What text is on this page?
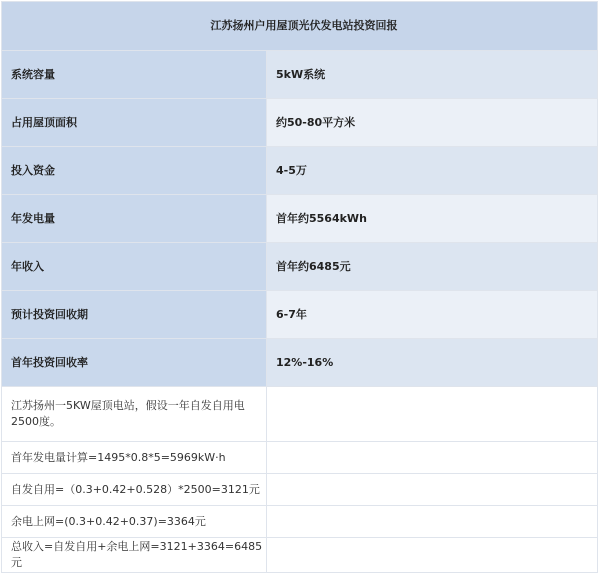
江苏扬州户用屋顶光伏发电站投资回报	
系统容量	5kW系统
占用屋顶面积	约50-80平方米
投入资金	4-5万
年发电量	首年约5564kWh
年收入	首年约6485元
预计投资回收期	6-7年
首年投资回收率	12%-16%
江苏扬州一5KW屋顶电站，假设一年自发自用电2500度。	
首年发电量计算=1495*0.8*5=5969kW·h	
自发自用=（0.3+0.42+0.528）*2500=3121元	
余电上网=(0.3+0.42+0.37)=3364元	
总收入=自发自用+余电上网=3121+3364=6485元	
